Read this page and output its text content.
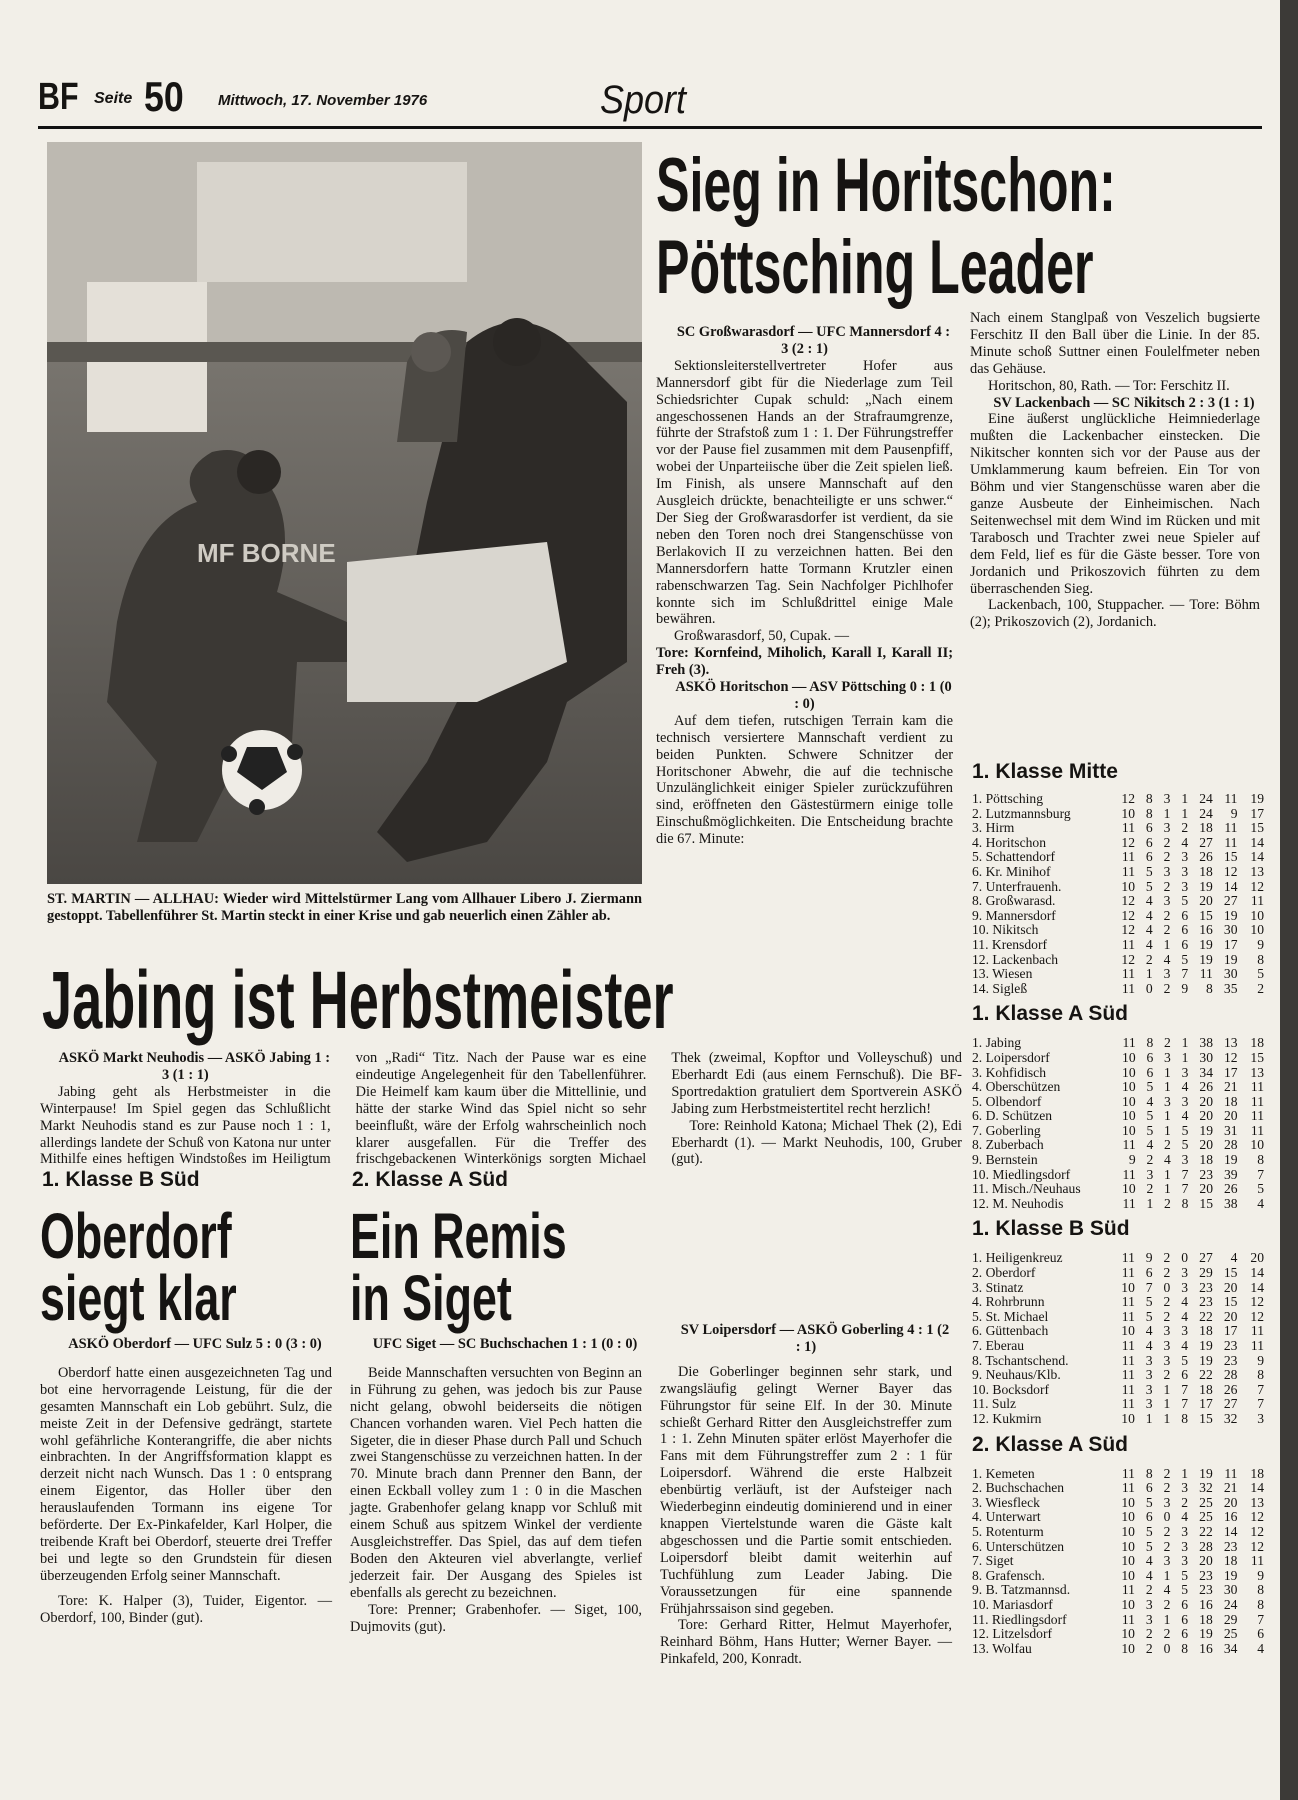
BF Seite 50 Mittwoch, 17. November 1976	Sport
MF BORNE
ST. MARTIN — ALLHAU: Wieder wird Mittelstürmer Lang vom Allhauer Libero J. Ziermann gestoppt. Tabellenführer St. Martin steckt in einer Krise und gab neuerlich einen Zähler ab.
Sieg in Horitschon:
Pöttsching Leader

SC Großwarasdorf — UFC Mannersdorf 4 : 3 (2 : 1)

Sektionsleiterstellvertreter Hofer aus Mannersdorf gibt für die Niederlage zum Teil Schiedsrichter Cupak schuld: „Nach einem angeschossenen Hands an der Strafraumgrenze, führte der Strafstoß zum 1 : 1. Der Führungstreffer vor der Pause fiel zusammen mit dem Pausenpfiff, wobei der Unparteiische über die Zeit spielen ließ. Im Finish, als unsere Mannschaft auf den Ausgleich drückte, benachteiligte er uns schwer.“ Der Sieg der Großwarasdorfer ist verdient, da sie neben den Toren noch drei Stangenschüsse von Berlakovich II zu verzeichnen hatten. Bei den Mannersdorfern hatte Tormann Krutzler einen rabenschwarzen Tag. Sein Nachfolger Pichlhofer konnte sich im Schlußdrittel einige Male bewähren.

Großwarasdorf, 50, Cupak. —

Tore: Kornfeind, Miholich, Karall I, Karall II; Freh (3).

ASKÖ Horitschon — ASV Pöttsching 0 : 1 (0 : 0)

Auf dem tiefen, rutschigen Terrain kam die technisch versiertere Mannschaft verdient zu beiden Punkten. Schwere Schnitzer der Horitschoner Abwehr, die auf die technische Unzulänglichkeit einiger Spieler zurückzuführen sind, eröffneten den Gästestürmern einige tolle Einschußmöglichkeiten. Die Entscheidung brachte die 67. Minute:

Nach einem Stanglpaß von Veszelich bugsierte Ferschitz II den Ball über die Linie. In der 85. Minute schoß Suttner einen Foulelfmeter neben das Gehäuse.

Horitschon, 80, Rath. — Tor: Ferschitz II.

SV Lackenbach — SC Nikitsch 2 : 3 (1 : 1)

Eine äußerst unglückliche Heimniederlage mußten die Lackenbacher einstecken. Die Nikitscher konnten sich vor der Pause aus der Umklammerung kaum befreien. Ein Tor von Böhm und vier Stangenschüsse waren aber die ganze Ausbeute der Einheimischen. Nach Seitenwechsel mit dem Wind im Rücken und mit Tarabosch und Trachter zwei neue Spieler auf dem Feld, lief es für die Gäste besser. Tore von Jordanich und Prikoszovich führten zu dem überraschenden Sieg.

Lackenbach, 100, Stuppacher. — Tore: Böhm (2); Prikoszovich (2), Jordanich.

1. Klasse Mitte
1. Pöttsching	12	8	3	1	24	11	19
2. Lutzmannsburg	10	8	1	1	24	9	17
3. Hirm	11	6	3	2	18	11	15
4. Horitschon	12	6	2	4	27	11	14
5. Schattendorf	11	6	2	3	26	15	14
6. Kr. Minihof	11	5	3	3	18	12	13
7. Unterfrauenh.	10	5	2	3	19	14	12
8. Großwarasd.	12	4	3	5	20	27	11
9. Mannersdorf	12	4	2	6	15	19	10
10. Nikitsch	12	4	2	6	16	30	10
11. Krensdorf	11	4	1	6	19	17	9
12. Lackenbach	12	2	4	5	19	19	8
13. Wiesen	11	1	3	7	11	30	5
14. Sigleß	11	0	2	9	8	35	2
1. Klasse A Süd
1. Jabing	11	8	2	1	38	13	18
2. Loipersdorf	10	6	3	1	30	12	15
3. Kohfidisch	10	6	1	3	34	17	13
4. Oberschützen	10	5	1	4	26	21	11
5. Olbendorf	10	4	3	3	20	18	11
6. D. Schützen	10	5	1	4	20	20	11
7. Goberling	10	5	1	5	19	31	11
8. Zuberbach	11	4	2	5	20	28	10
9. Bernstein	9	2	4	3	18	19	8
10. Miedlingsdorf	11	3	1	7	23	39	7
11. Misch./Neuhaus	10	2	1	7	20	26	5
12. M. Neuhodis	11	1	2	8	15	38	4
1. Klasse B Süd
1. Heiligenkreuz	11	9	2	0	27	4	20
2. Oberdorf	11	6	2	3	29	15	14
3. Stinatz	10	7	0	3	23	20	14
4. Rohrbrunn	11	5	2	4	23	15	12
5. St. Michael	11	5	2	4	22	20	12
6. Güttenbach	10	4	3	3	18	17	11
7. Eberau	11	4	3	4	19	23	11
8. Tschantschend.	11	3	3	5	19	23	9
9. Neuhaus/Klb.	11	3	2	6	22	28	8
10. Bocksdorf	11	3	1	7	18	26	7
11. Sulz	11	3	1	7	17	27	7
12. Kukmirn	10	1	1	8	15	32	3
2. Klasse A Süd
1. Kemeten	11	8	2	1	19	11	18
2. Buchschachen	11	6	2	3	32	21	14
3. Wiesfleck	10	5	3	2	25	20	13
4. Unterwart	10	6	0	4	25	16	12
5. Rotenturm	10	5	2	3	22	14	12
6. Unterschützen	10	5	2	3	28	23	12
7. Siget	10	4	3	3	20	18	11
8. Grafensch.	10	4	1	5	23	19	9
9. B. Tatzmannsd.	11	2	4	5	23	30	8
10. Mariasdorf	10	3	2	6	16	24	8
11. Riedlingsdorf	11	3	1	6	18	29	7
12. Litzelsdorf	10	2	2	6	19	25	6
13. Wolfau	10	2	0	8	16	34	4
Jabing ist Herbstmeister

ASKÖ Markt Neuhodis — ASKÖ Jabing 1 : 3 (1 : 1)

Jabing geht als Herbstmeister in die Winterpause! Im Spiel gegen das Schlußlicht Markt Neuhodis stand es zur Pause noch 1 : 1, allerdings landete der Schuß von Katona nur unter Mithilfe eines heftigen Windstoßes im Heiligtum von „Radi“ Titz. Nach der Pause war es eine eindeutige Angelegenheit für den Tabellenführer. Die Heimelf kam kaum über die Mittellinie, und hätte der starke Wind das Spiel nicht so sehr beeinflußt, wäre der Erfolg wahrscheinlich noch klarer ausgefallen. Für die Treffer des frischgebackenen Winterkönigs sorgten Michael Thek (zweimal, Kopftor und Volleyschuß) und Eberhardt Edi (aus einem Fernschuß). Die BF-Sportredaktion gratuliert dem Sportverein ASKÖ Jabing zum Herbstmeistertitel recht herzlich!

Tore: Reinhold Katona; Michael Thek (2), Edi Eberhardt (1). — Markt Neuhodis, 100, Gruber (gut).

1. Klasse B Süd
Oberdorf
siegt klar

ASKÖ Oberdorf — UFC Sulz 5 : 0 (3 : 0)

Oberdorf hatte einen ausgezeichneten Tag und bot eine hervorragende Leistung, für die der gesamten Mannschaft ein Lob gebührt. Sulz, die meiste Zeit in der Defensive gedrängt, startete wohl gefährliche Konterangriffe, die aber nichts einbrachten. In der Angriffsformation klappt es derzeit nicht nach Wunsch. Das 1 : 0 entsprang einem Eigentor, das Holler über den herauslaufenden Tormann ins eigene Tor beförderte. Der Ex-Pinkafelder, Karl Holper, die treibende Kraft bei Oberdorf, steuerte drei Treffer bei und legte so den Grundstein für diesen überzeugenden Erfolg seiner Mannschaft.

Tore: K. Halper (3), Tuider, Eigentor. — Oberdorf, 100, Binder (gut).

2. Klasse A Süd
Ein Remis
in Siget

UFC Siget — SC Buchschachen 1 : 1 (0 : 0)

Beide Mannschaften versuchten von Beginn an in Führung zu gehen, was jedoch bis zur Pause nicht gelang, obwohl beiderseits die nötigen Chancen vorhanden waren. Viel Pech hatten die Sigeter, die in dieser Phase durch Pall und Schuch zwei Stangenschüsse zu verzeichnen hatten. In der 70. Minute brach dann Prenner den Bann, der einen Eckball volley zum 1 : 0 in die Maschen jagte. Grabenhofer gelang knapp vor Schluß mit einem Schuß aus spitzem Winkel der verdiente Ausgleichstreffer. Das Spiel, das auf dem tiefen Boden den Akteuren viel abverlangte, verlief jederzeit fair. Der Ausgang des Spieles ist ebenfalls als gerecht zu bezeichnen.

Tore: Prenner; Grabenhofer. — Siget, 100, Dujmovits (gut).

SV Loipersdorf — ASKÖ Goberling 4 : 1 (2 : 1)

Die Goberlinger beginnen sehr stark, und zwangsläufig gelingt Werner Bayer das Führungstor für seine Elf. In der 30. Minute schießt Gerhard Ritter den Ausgleichstreffer zum 1 : 1. Zehn Minuten später erlöst Mayerhofer die Fans mit dem Führungstreffer zum 2 : 1 für Loipersdorf. Während die erste Halbzeit ebenbürtig verläuft, ist der Aufsteiger nach Wiederbeginn eindeutig dominierend und in einer knappen Viertelstunde waren die Gäste kalt abgeschossen und die Partie somit entschieden. Loipersdorf bleibt damit weiterhin auf Tuchfühlung zum Leader Jabing. Die Voraussetzungen für eine spannende Frühjahrssaison sind gegeben.

Tore: Gerhard Ritter, Helmut Mayerhofer, Reinhard Böhm, Hans Hutter; Werner Bayer. — Pinkafeld, 200, Konradt.
